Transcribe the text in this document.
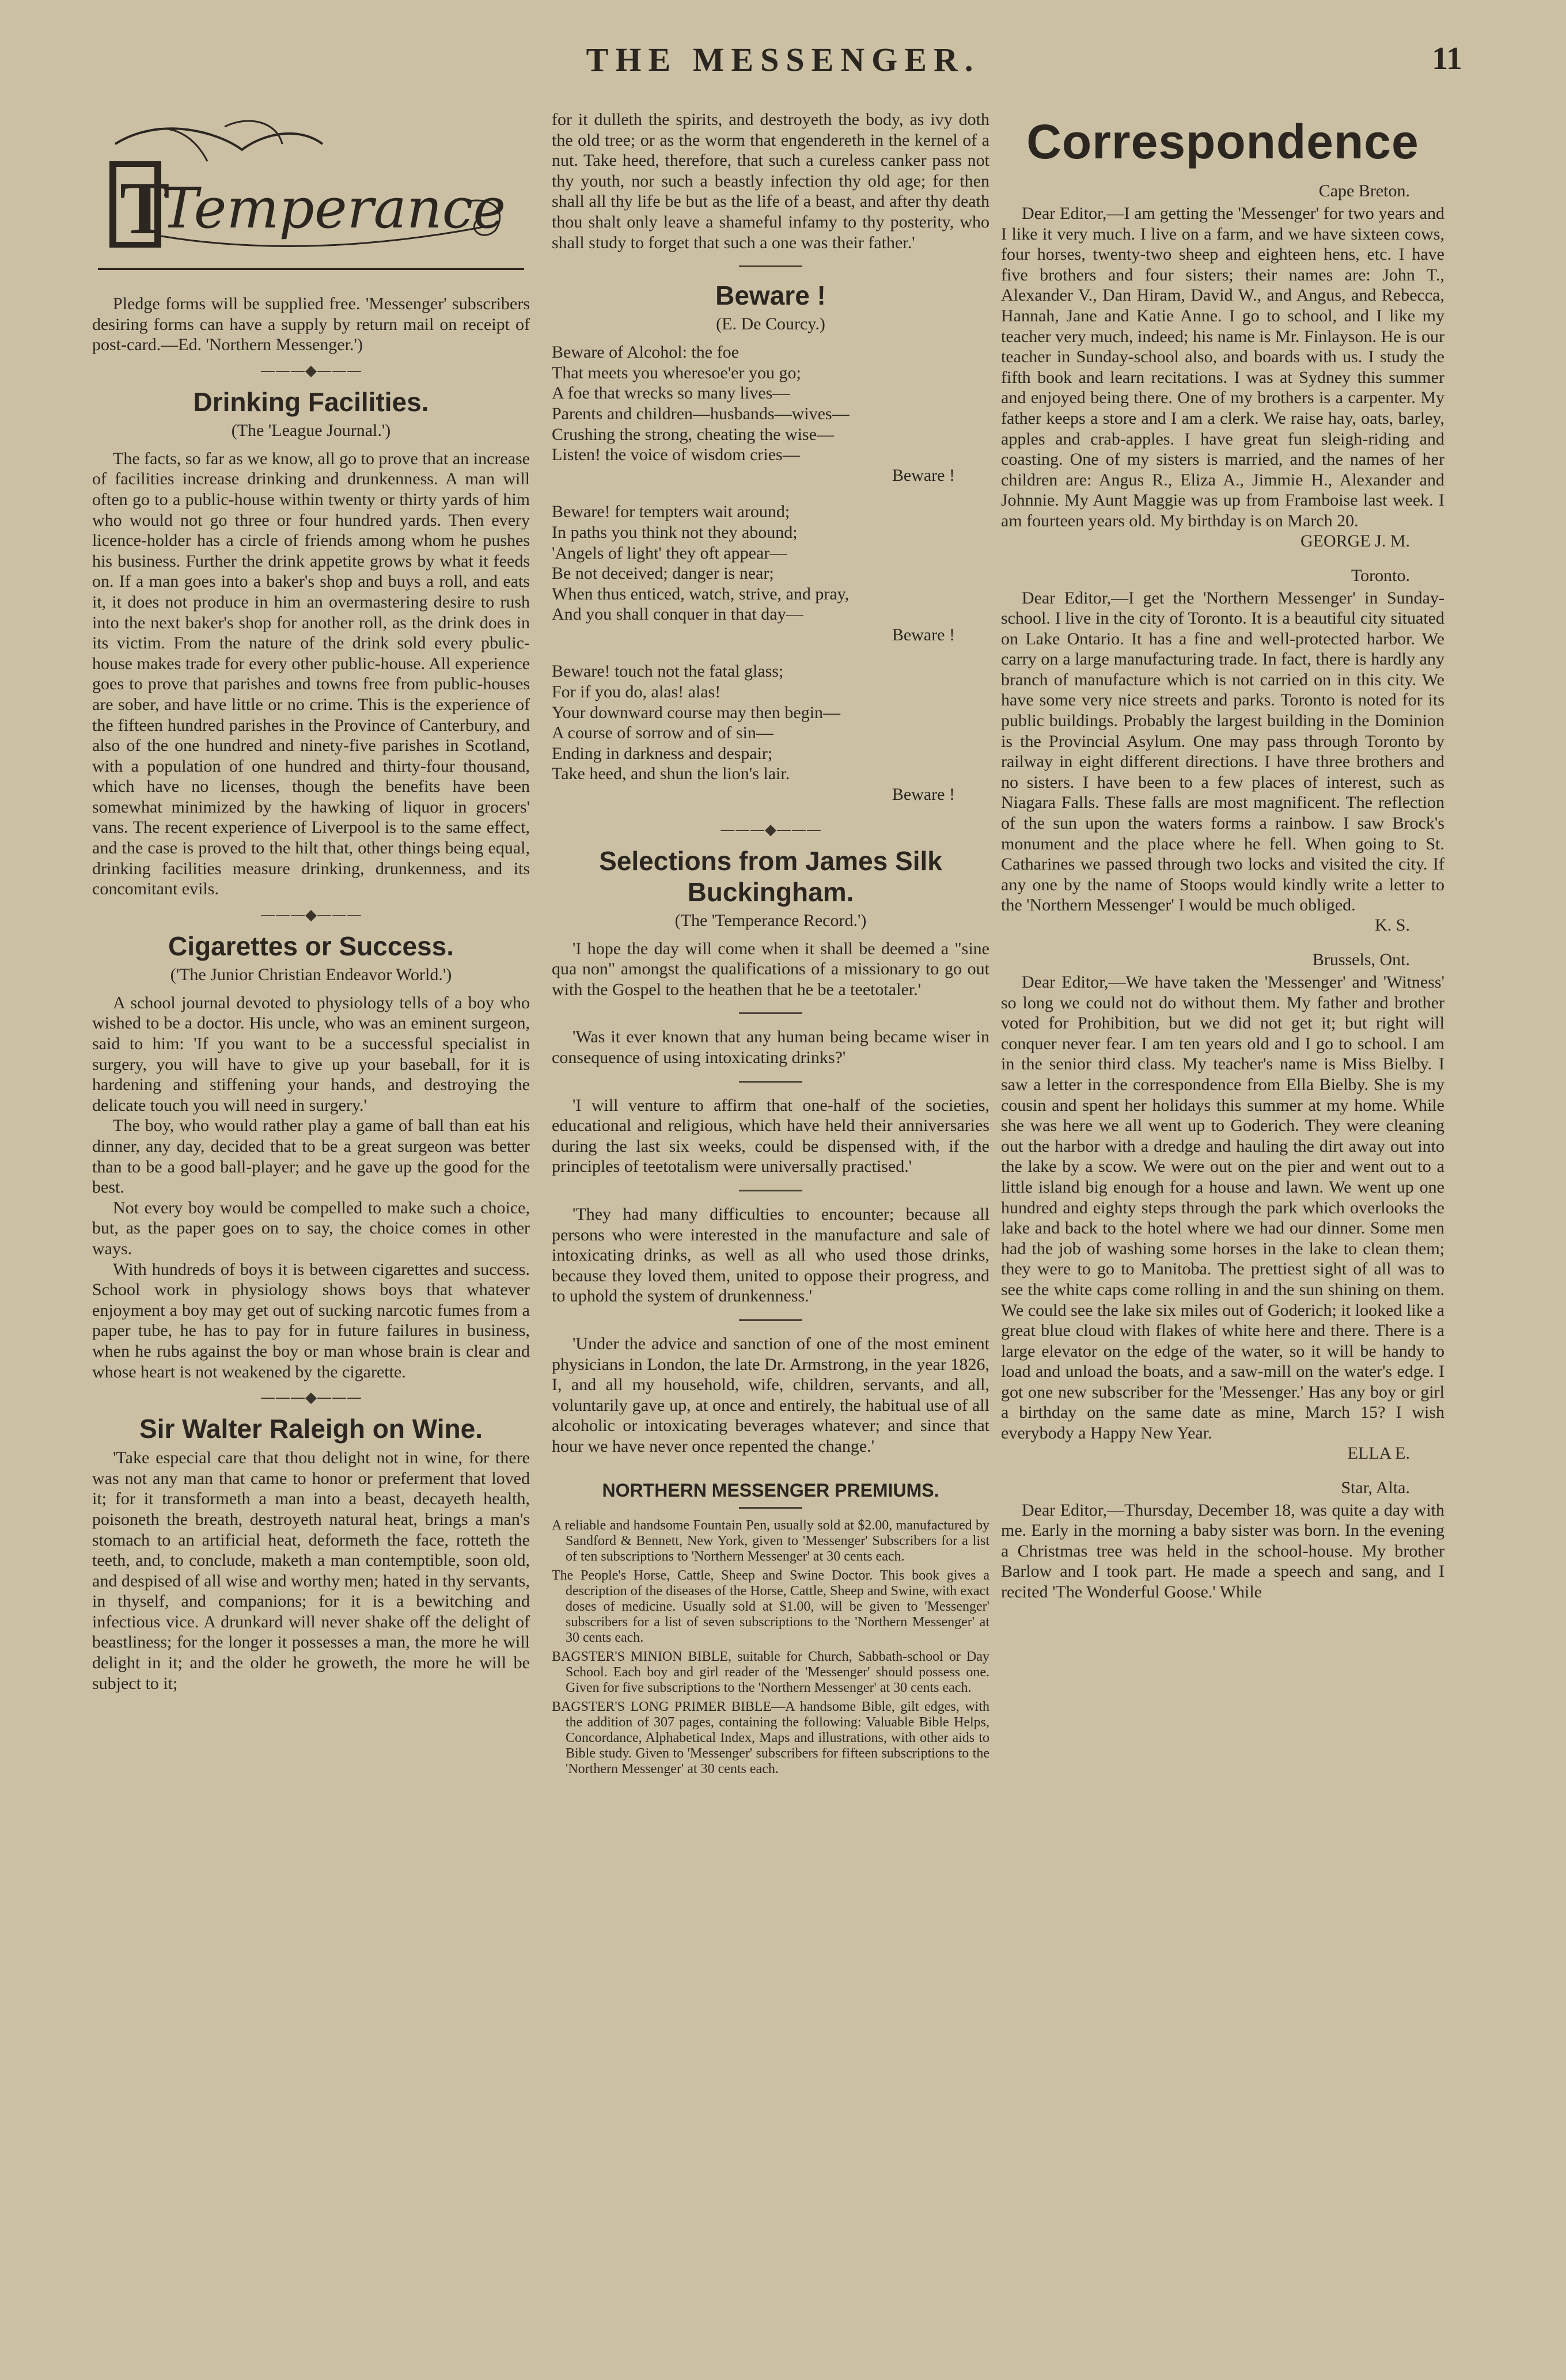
THE MESSENGER.	11
T
Temperance

Pledge forms will be supplied free. 'Messenger' subscribers desiring forms can have a supply by return mail on receipt of post-card.—Ed. 'Northern Messenger.')

———◆———
Drinking Facilities.
(The 'League Journal.')

The facts, so far as we know, all go to prove that an increase of facilities increase drinking and drunkenness. A man will often go to a public-house within twenty or thirty yards of him who would not go three or four hundred yards. Then every licence-holder has a circle of friends among whom he pushes his business. Further the drink appetite grows by what it feeds on. If a man goes into a baker's shop and buys a roll, and eats it, it does not produce in him an overmastering desire to rush into the next baker's shop for another roll, as the drink does in its victim. From the nature of the drink sold every pbulic-house makes trade for every other public-house. All experience goes to prove that parishes and towns free from public-houses are sober, and have little or no crime. This is the experience of the fifteen hundred parishes in the Province of Canterbury, and also of the one hundred and ninety-five parishes in Scotland, with a population of one hundred and thirty-four thousand, which have no licenses, though the benefits have been somewhat minimized by the hawking of liquor in grocers' vans. The recent experience of Liverpool is to the same effect, and the case is proved to the hilt that, other things being equal, drinking facilities measure drinking, drunkenness, and its concomitant evils.

———◆———
Cigarettes or Success.
('The Junior Christian Endeavor World.')

A school journal devoted to physiology tells of a boy who wished to be a doctor. His uncle, who was an eminent surgeon, said to him: 'If you want to be a successful specialist in surgery, you will have to give up your baseball, for it is hardening and stiffening your hands, and destroying the delicate touch you will need in surgery.'

The boy, who would rather play a game of ball than eat his dinner, any day, decided that to be a great surgeon was better than to be a good ball-player; and he gave up the good for the best.

Not every boy would be compelled to make such a choice, but, as the paper goes on to say, the choice comes in other ways.

With hundreds of boys it is between cigarettes and success. School work in physiology shows boys that whatever enjoyment a boy may get out of sucking narcotic fumes from a paper tube, he has to pay for in future failures in business, when he rubs against the boy or man whose brain is clear and whose heart is not weakened by the cigarette.

———◆———
Sir Walter Raleigh on Wine.

'Take especial care that thou delight not in wine, for there was not any man that came to honor or preferment that loved it; for it transformeth a man into a beast, decayeth health, poisoneth the breath, destroyeth natural heat, brings a man's stomach to an artificial heat, deformeth the face, rotteth the teeth, and, to conclude, maketh a man contemptible, soon old, and despised of all wise and worthy men; hated in thy servants, in thyself, and companions; for it is a bewitching and infectious vice. A drunkard will never shake off the delight of beastliness; for the longer it possesses a man, the more he will delight in it; and the older he groweth, the more he will be subject to it;

for it dulleth the spirits, and destroyeth the body, as ivy doth the old tree; or as the worm that engendereth in the kernel of a nut. Take heed, therefore, that such a cureless canker pass not thy youth, nor such a beastly infection thy old age; for then shall all thy life be but as the life of a beast, and after thy death thou shalt only leave a shameful infamy to thy posterity, who shall study to forget that such a one was their father.'

Beware !
(E. De Courcy.)
Beware of Alcohol: the foe
That meets you wheresoe'er you go;
A foe that wrecks so many lives—
Parents and children—husbands—wives—
Crushing the strong, cheating the wise—
Listen! the voice of wisdom cries—
Beware !
Beware! for tempters wait around;
In paths you think not they abound;
'Angels of light' they oft appear—
Be not deceived; danger is near;
When thus enticed, watch, strive, and pray,
And you shall conquer in that day—
Beware !
Beware! touch not the fatal glass;
For if you do, alas! alas!
Your downward course may then begin—
A course of sorrow and of sin—
Ending in darkness and despair;
Take heed, and shun the lion's lair.
Beware !
———◆———
Selections from James Silk Buckingham.
(The 'Temperance Record.')

'I hope the day will come when it shall be deemed a "sine qua non" amongst the qualifications of a missionary to go out with the Gospel to the heathen that he be a teetotaler.'

'Was it ever known that any human being became wiser in consequence of using intoxicating drinks?'

'I will venture to affirm that one-half of the societies, educational and religious, which have held their anniversaries during the last six weeks, could be dispensed with, if the principles of teetotalism were universally practised.'

'They had many difficulties to encounter; because all persons who were interested in the manufacture and sale of intoxicating drinks, as well as all who used those drinks, because they loved them, united to oppose their progress, and to uphold the system of drunkenness.'

'Under the advice and sanction of one of the most eminent physicians in London, the late Dr. Armstrong, in the year 1826, I, and all my household, wife, children, servants, and all, voluntarily gave up, at once and entirely, the habitual use of all alcoholic or intoxicating beverages whatever; and since that hour we have never once repented the change.'

NORTHERN MESSENGER PREMIUMS.

A reliable and handsome Fountain Pen, usually sold at $2.00, manufactured by Sandford & Bennett, New York, given to 'Messenger' Subscribers for a list of ten subscriptions to 'Northern Messenger' at 30 cents each.

The People's Horse, Cattle, Sheep and Swine Doctor. This book gives a description of the diseases of the Horse, Cattle, Sheep and Swine, with exact doses of medicine. Usually sold at $1.00, will be given to 'Messenger' subscribers for a list of seven subscriptions to the 'Northern Messenger' at 30 cents each.

BAGSTER'S MINION BIBLE, suitable for Church, Sabbath-school or Day School. Each boy and girl reader of the 'Messenger' should possess one. Given for five subscriptions to the 'Northern Messenger' at 30 cents each.

BAGSTER'S LONG PRIMER BIBLE—A handsome Bible, gilt edges, with the addition of 307 pages, containing the following: Valuable Bible Helps, Concordance, Alphabetical Index, Maps and illustrations, with other aids to Bible study. Given to 'Messenger' subscribers for fifteen subscriptions to the 'Northern Messenger' at 30 cents each.

Correspondence
Cape Breton.

Dear Editor,—I am getting the 'Messenger' for two years and I like it very much. I live on a farm, and we have sixteen cows, four horses, twenty-two sheep and eighteen hens, etc. I have five brothers and four sisters; their names are: John T., Alexander V., Dan Hiram, David W., and Angus, and Rebecca, Hannah, Jane and Katie Anne. I go to school, and I like my teacher very much, indeed; his name is Mr. Finlayson. He is our teacher in Sunday-school also, and boards with us. I study the fifth book and learn recitations. I was at Sydney this summer and enjoyed being there. One of my brothers is a carpenter. My father keeps a store and I am a clerk. We raise hay, oats, barley, apples and crab-apples. I have great fun sleigh-riding and coasting. One of my sisters is married, and the names of her children are: Angus R., Eliza A., Jimmie H., Alexander and Johnnie. My Aunt Maggie was up from Framboise last week. I am fourteen years old. My birthday is on March 20.

GEORGE J. M.
Toronto.

Dear Editor,—I get the 'Northern Messenger' in Sunday-school. I live in the city of Toronto. It is a beautiful city situated on Lake Ontario. It has a fine and well-protected harbor. We carry on a large manufacturing trade. In fact, there is hardly any branch of manufacture which is not carried on in this city. We have some very nice streets and parks. Toronto is noted for its public buildings. Probably the largest building in the Dominion is the Provincial Asylum. One may pass through Toronto by railway in eight different directions. I have three brothers and no sisters. I have been to a few places of interest, such as Niagara Falls. These falls are most magnificent. The reflection of the sun upon the waters forms a rainbow. I saw Brock's monument and the place where he fell. When going to St. Catharines we passed through two locks and visited the city. If any one by the name of Stoops would kindly write a letter to the 'Northern Messenger' I would be much obliged.

K. S.
Brussels, Ont.

Dear Editor,—We have taken the 'Messenger' and 'Witness' so long we could not do without them. My father and brother voted for Prohibition, but we did not get it; but right will conquer never fear. I am ten years old and I go to school. I am in the senior third class. My teacher's name is Miss Bielby. I saw a letter in the correspondence from Ella Bielby. She is my cousin and spent her holidays this summer at my home. While she was here we all went up to Goderich. They were cleaning out the harbor with a dredge and hauling the dirt away out into the lake by a scow. We were out on the pier and went out to a little island big enough for a house and lawn. We went up one hundred and eighty steps through the park which overlooks the lake and back to the hotel where we had our dinner. Some men had the job of washing some horses in the lake to clean them; they were to go to Manitoba. The prettiest sight of all was to see the white caps come rolling in and the sun shining on them. We could see the lake six miles out of Goderich; it looked like a great blue cloud with flakes of white here and there. There is a large elevator on the edge of the water, so it will be handy to load and unload the boats, and a saw-mill on the water's edge. I got one new subscriber for the 'Messenger.' Has any boy or girl a birthday on the same date as mine, March 15? I wish everybody a Happy New Year.

ELLA E.
Star, Alta.

Dear Editor,—Thursday, December 18, was quite a day with me. Early in the morning a baby sister was born. In the evening a Christmas tree was held in the school-house. My brother Barlow and I took part. He made a speech and sang, and I recited 'The Wonderful Goose.' While
